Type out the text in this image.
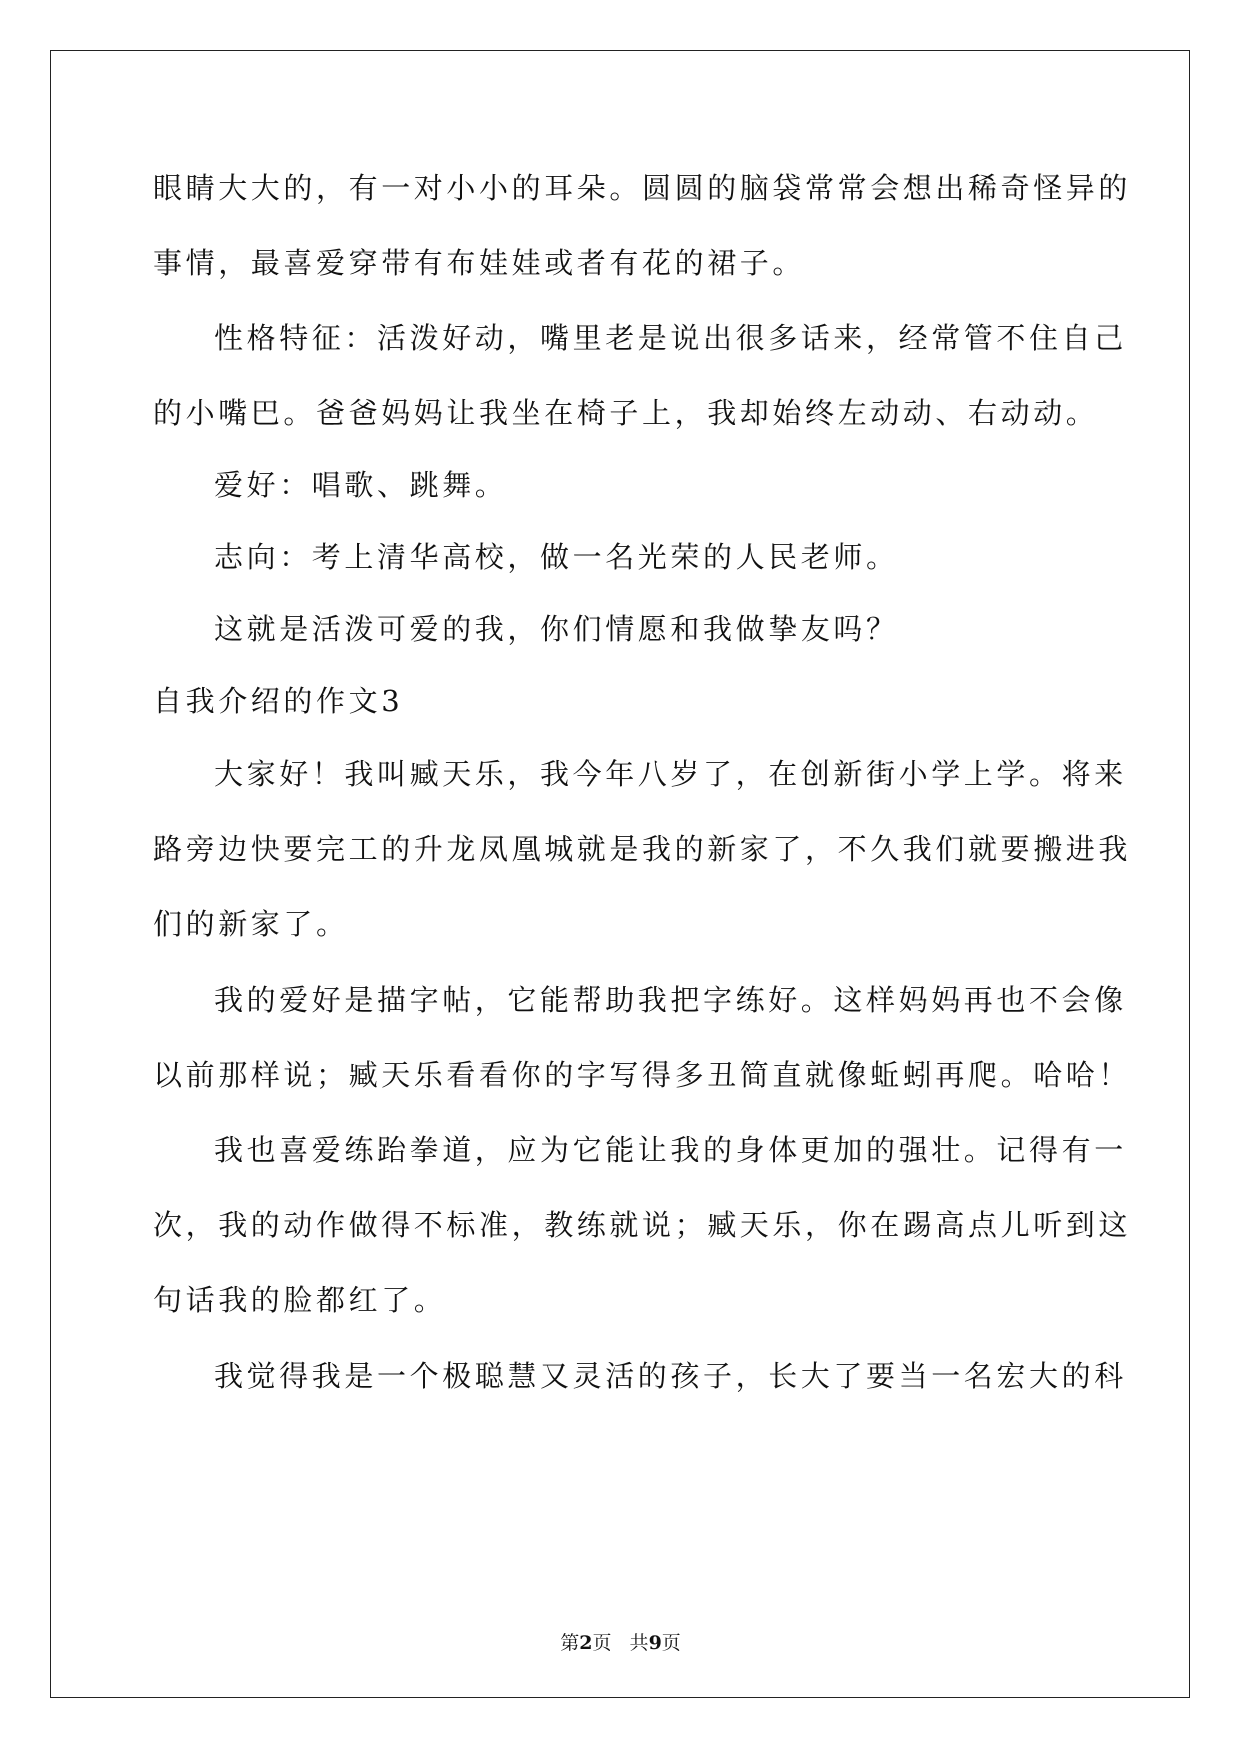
眼睛大大的，有一对小小的耳朵。圆圆的脑袋常常会想出稀奇怪异的
事情，最喜爱穿带有布娃娃或者有花的裙子。
性格特征：活泼好动，嘴里老是说出很多话来，经常管不住自己
的小嘴巴。爸爸妈妈让我坐在椅子上，我却始终左动动、右动动。
爱好：唱歌、跳舞。
志向：考上清华高校，做一名光荣的人民老师。
这就是活泼可爱的我，你们情愿和我做挚友吗？
自我介绍的作文3
大家好！我叫臧天乐，我今年八岁了，在创新街小学上学。将来
路旁边快要完工的升龙凤凰城就是我的新家了，不久我们就要搬进我
们的新家了。
我的爱好是描字帖，它能帮助我把字练好。这样妈妈再也不会像
以前那样说；臧天乐看看你的字写得多丑简直就像蚯蚓再爬。哈哈！
我也喜爱练跆拳道，应为它能让我的身体更加的强壮。记得有一
次，我的动作做得不标准，教练就说；臧天乐，你在踢高点儿听到这
句话我的脸都红了。
我觉得我是一个极聪慧又灵活的孩子，长大了要当一名宏大的科
第2页   共9页
